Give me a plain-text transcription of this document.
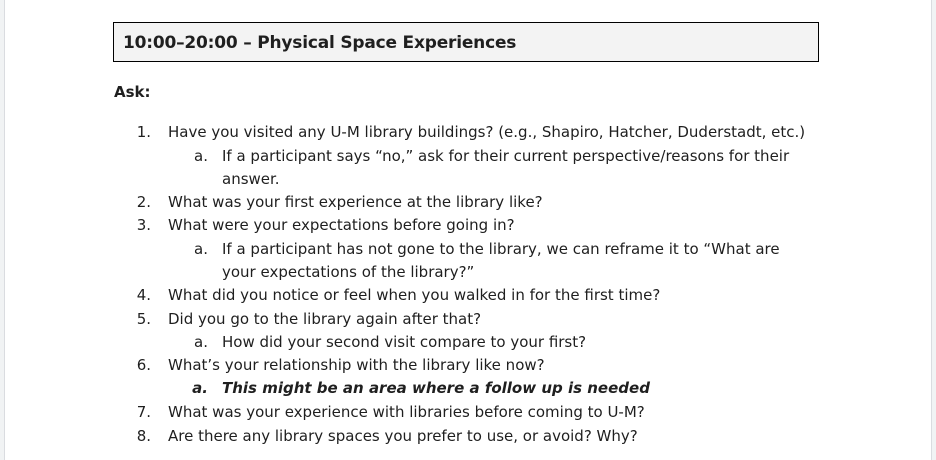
10:00–20:00 – Physical Space Experiences
Ask:
1. Have you visited any U-M library buildings? (e.g., Shapiro, Hatcher, Duderstadt, etc.)
a. If a participant says “no,” ask for their current perspective/reasons for their
answer.
2. What was your first experience at the library like?
3. What were your expectations before going in?
a. If a participant has not gone to the library, we can reframe it to “What are
your expectations of the library?”
4. What did you notice or feel when you walked in for the first time?
5. Did you go to the library again after that?
a. How did your second visit compare to your first?
6. What’s your relationship with the library like now?
a. This might be an area where a follow up is needed
7. What was your experience with libraries before coming to U-M?
8. Are there any library spaces you prefer to use, or avoid? Why?
